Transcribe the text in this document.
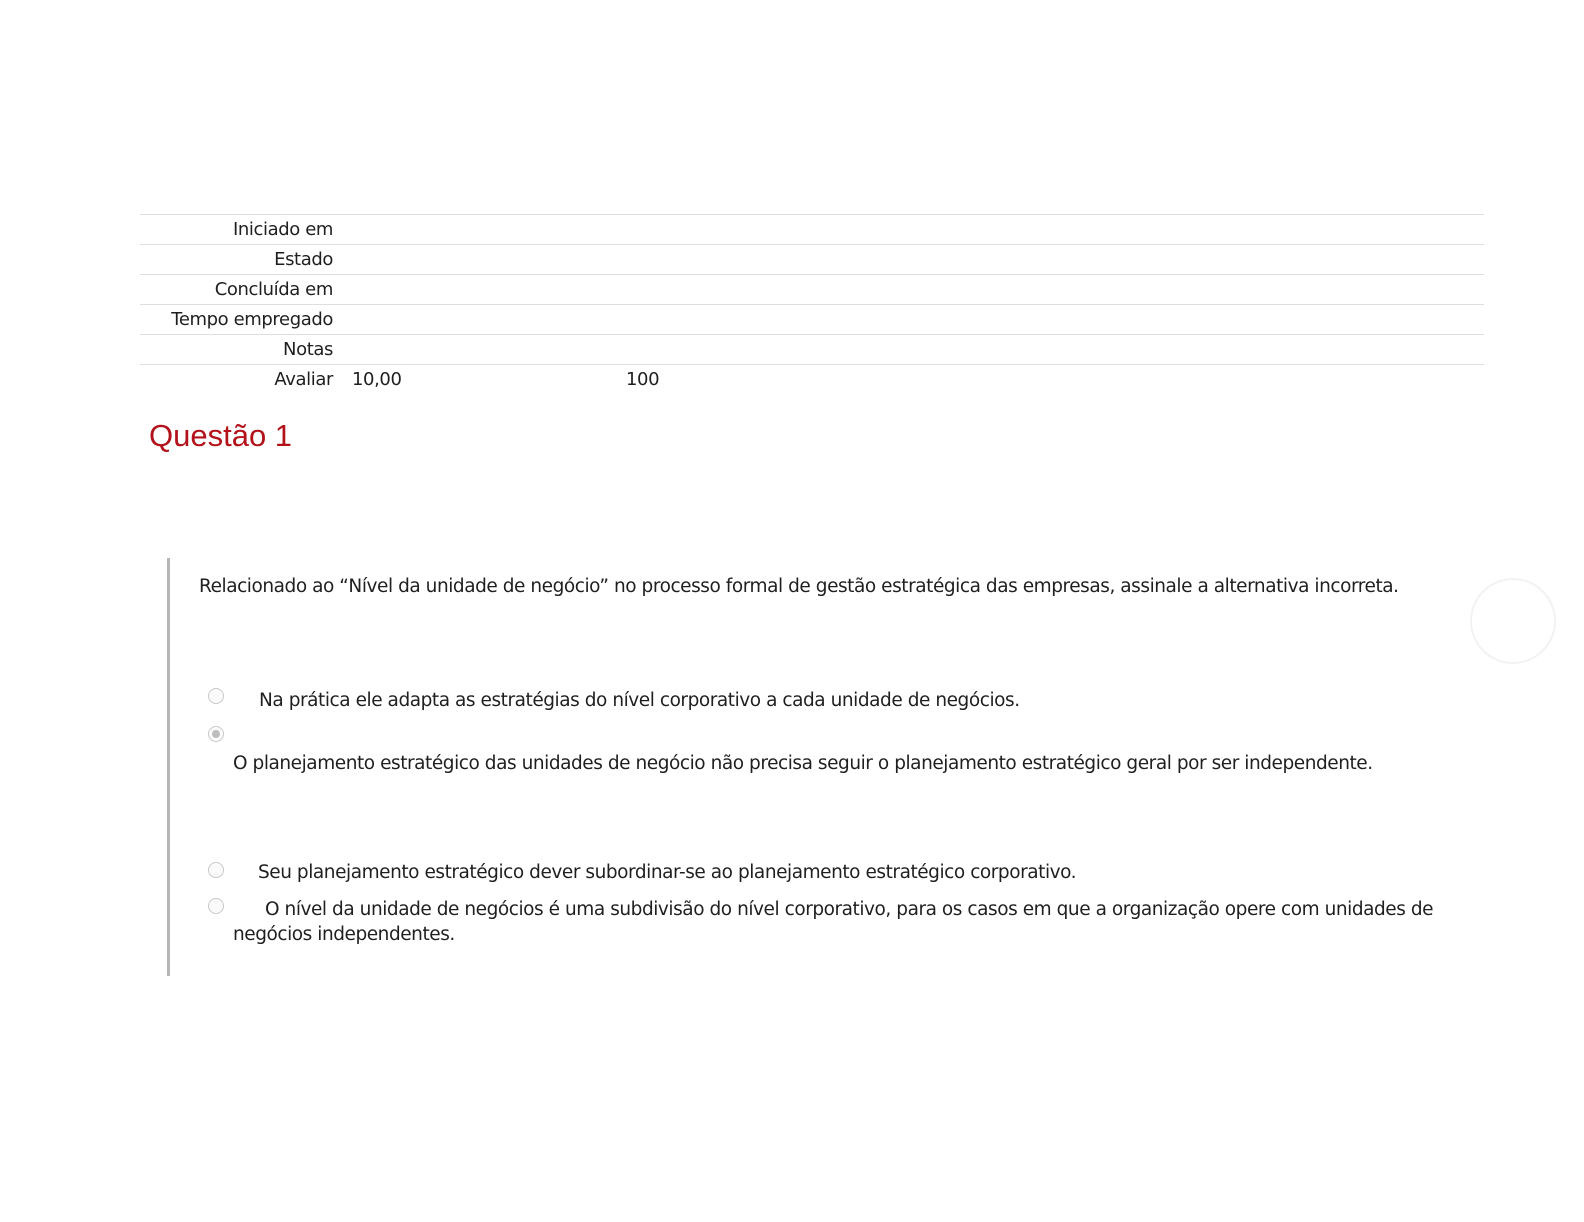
Iniciado em
Estado
Concluída em
Tempo empregado
Notas
Avaliar 10,00	100
Questão 1
Relacionado ao “Nível da unidade de negócio” no processo formal de gestão estratégica das empresas, assinale a alternativa incorreta.
Na prática ele adapta as estratégias do nível corporativo a cada unidade de negócios.
O planejamento estratégico das unidades de negócio não precisa seguir o planejamento estratégico geral por ser independente.
Seu planejamento estratégico dever subordinar-se ao planejamento estratégico corporativo.
O nível da unidade de negócios é uma subdivisão do nível corporativo, para os casos em que a organização opere com unidades de negócios independentes.
